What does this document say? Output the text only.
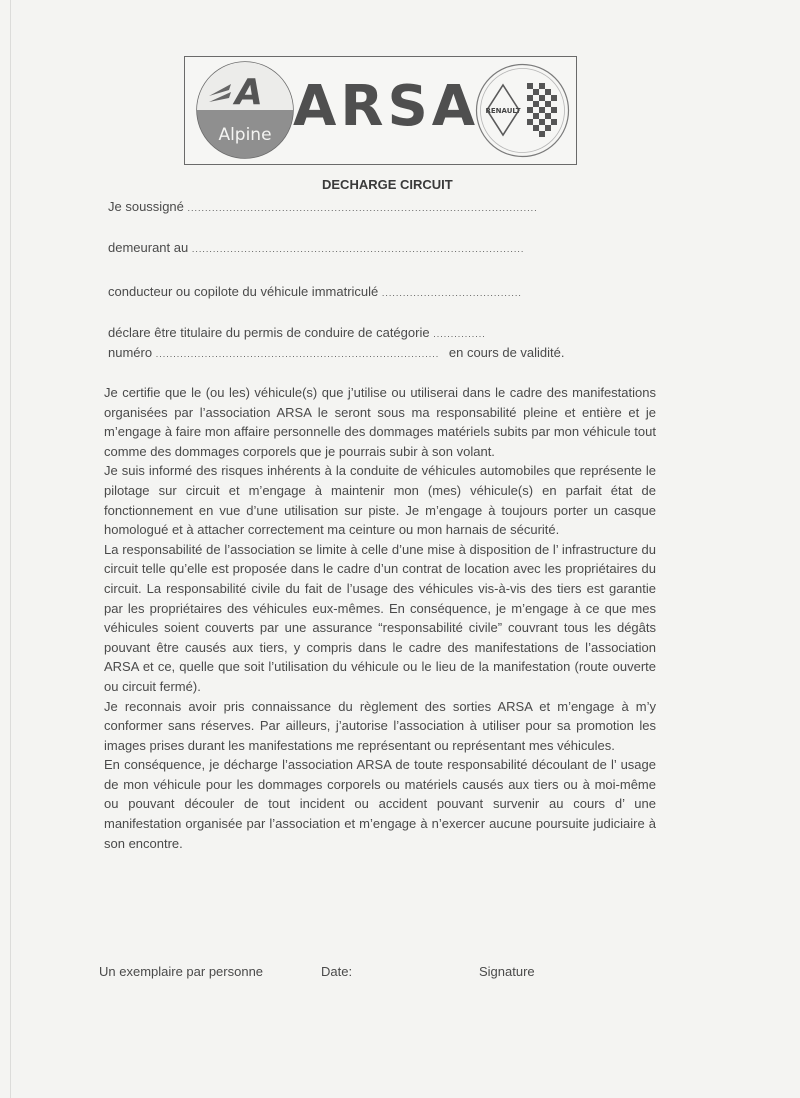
A
Alpine ARSA RENAULT
DECHARGE CIRCUIT
Je soussigné ....................................................................................................
demeurant au ...............................................................................................
conducteur ou copilote du véhicule immatriculé ........................................
déclare être titulaire du permis de conduire de catégorie ...............
numéro ................................................................................. en cours de validité.

Je certifie que le (ou les) véhicule(s) que j’utilise ou utiliserai dans le cadre des manifestations organisées par l’association ARSA le seront sous ma responsabilité pleine et entière et je m’engage à faire mon affaire personnelle des dommages matériels subits par mon véhicule tout comme des dommages corporels que je pourrais subir à son volant.

Je suis informé des risques inhérents à la conduite de véhicules automobiles que représente le pilotage sur circuit et m’engage à maintenir mon (mes) véhicule(s) en parfait état de fonctionnement en vue d’une utilisation sur piste. Je m’engage à toujours porter un casque homologué et à attacher correctement ma ceinture ou mon harnais de sécurité.

La responsabilité de l’association se limite à celle d’une mise à disposition de l’ infrastructure du circuit telle qu’elle est proposée dans le cadre d’un contrat de location avec les propriétaires du circuit. La responsabilité civile du fait de l’usage des véhicules vis-à-vis des tiers est garantie par les propriétaires des véhicules eux-mêmes. En conséquence, je m’engage à ce que mes véhicules soient couverts par une assurance “responsabilité civile” couvrant tous les dégâts pouvant être causés aux tiers, y compris dans le cadre des manifestations de l’association ARSA et ce, quelle que soit l’utilisation du véhicule ou le lieu de la manifestation (route ouverte ou circuit fermé).

Je reconnais avoir pris connaissance du règlement des sorties ARSA et m’engage à m’y conformer sans réserves. Par ailleurs, j’autorise l’association à utiliser pour sa promotion les images prises durant les manifestations me représentant ou représentant mes véhicules.

En conséquence, je décharge l’association ARSA de toute responsabilité découlant de l’ usage de mon véhicule pour les dommages corporels ou matériels causés aux tiers ou à moi-même ou pouvant découler de tout incident ou accident pouvant survenir au cours d’ une manifestation organisée par l’association et m’engage à n’exercer aucune poursuite judiciaire à son encontre.

Un exemplaire par personne	Date:	Signature
